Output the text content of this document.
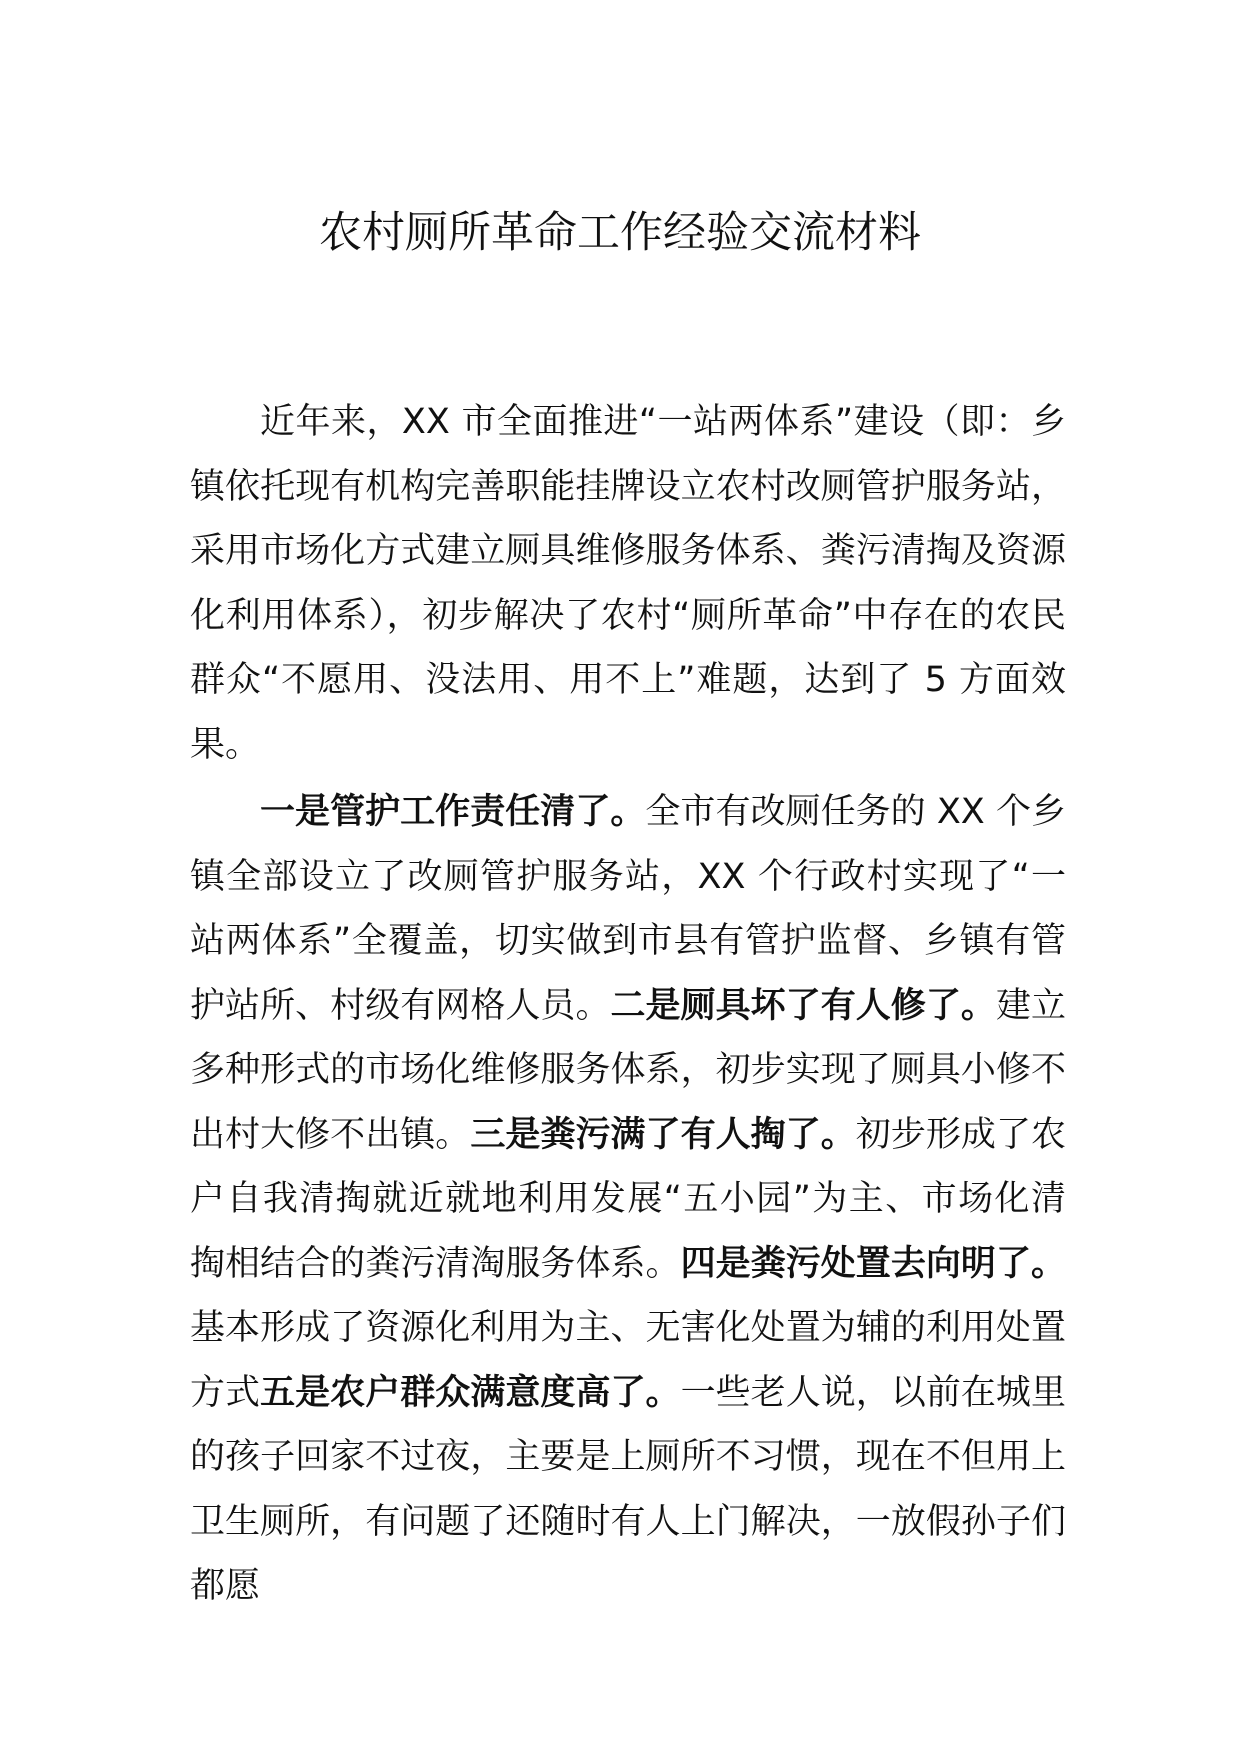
农村厕所革命工作经验交流材料

近年来，XX 市全面推进“一站两体系”建设（即：乡镇依托现有机构完善职能挂牌设立农村改厕管护服务站，采用市场化方式建立厕具维修服务体系、粪污清掏及资源化利用体系），初步解决了农村“厕所革命”中存在的农民群众“不愿用、没法用、用不上”难题，达到了 5 方面效果。

一是管护工作责任清了。全市有改厕任务的 XX 个乡镇全部设立了改厕管护服务站，XX 个行政村实现了“一站两体系”全覆盖，切实做到市县有管护监督、乡镇有管护站所、村级有网格人员。二是厕具坏了有人修了。建立多种形式的市场化维修服务体系，初步实现了厕具小修不出村大修不出镇。三是粪污满了有人掏了。初步形成了农户自我清掏就近就地利用发展“五小园”为主、市场化清掏相结合的粪污清淘服务体系。四是粪污处置去向明了。基本形成了资源化利用为主、无害化处置为辅的利用处置方式五是农户群众满意度高了。一些老人说，以前在城里的孩子回家不过夜，主要是上厕所不习惯，现在不但用上卫生厕所，有问题了还随时有人上门解决，一放假孙子们都愿
